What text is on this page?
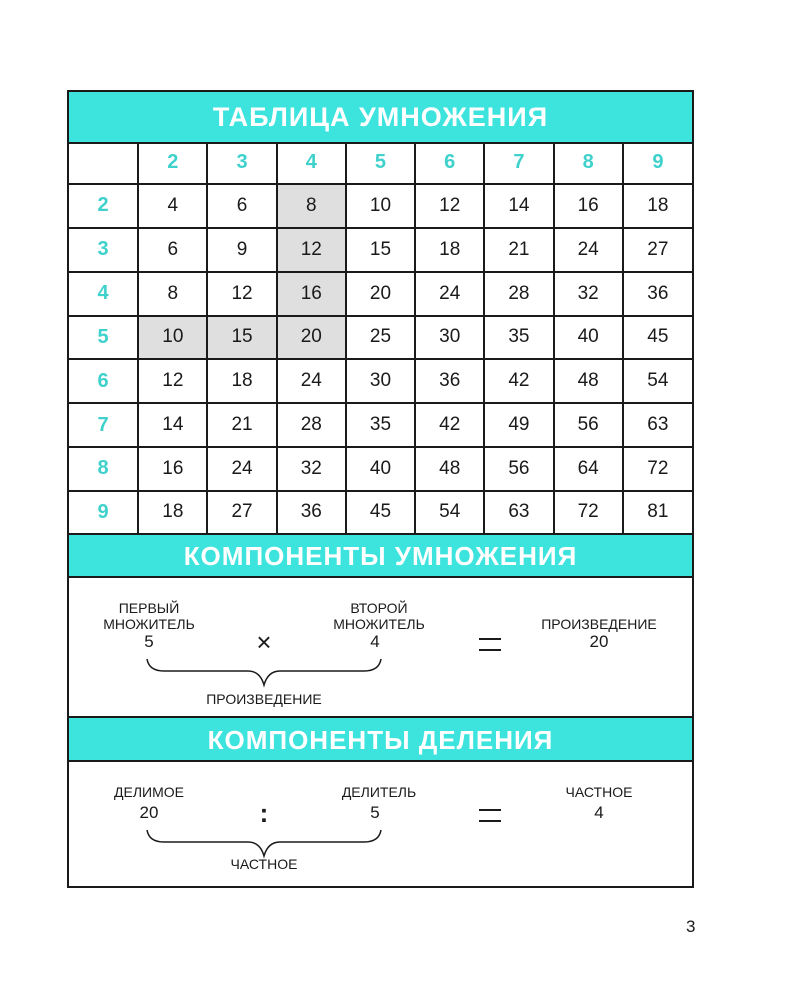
ТАБЛИЦА УМНОЖЕНИЯ
	2	3	4	5	6	7	8	9
2	4	6	8	10	12	14	16	18
3	6	9	12	15	18	21	24	27
4	8	12	16	20	24	28	32	36
5	10	15	20	25	30	35	40	45
6	12	18	24	30	36	42	48	54
7	14	21	28	35	42	49	56	63
8	16	24	32	40	48	56	64	72
9	18	27	36	45	54	63	72	81
КОМПОНЕНТЫ УМНОЖЕНИЯ
ПЕРВЫЙ
МНОЖИТЕЛЬ
5	×
ВТОРОЙ
МНОЖИТЕЛЬ
4
ПРОИЗВЕДЕНИЕ
20
ПРОИЗВЕДЕНИЕ
КОМПОНЕНТЫ ДЕЛЕНИЯ
ДЕЛИМОЕ
20	:
ДЕЛИТЕЛЬ
5
ЧАСТНОЕ
4
ЧАСТНОЕ
3
